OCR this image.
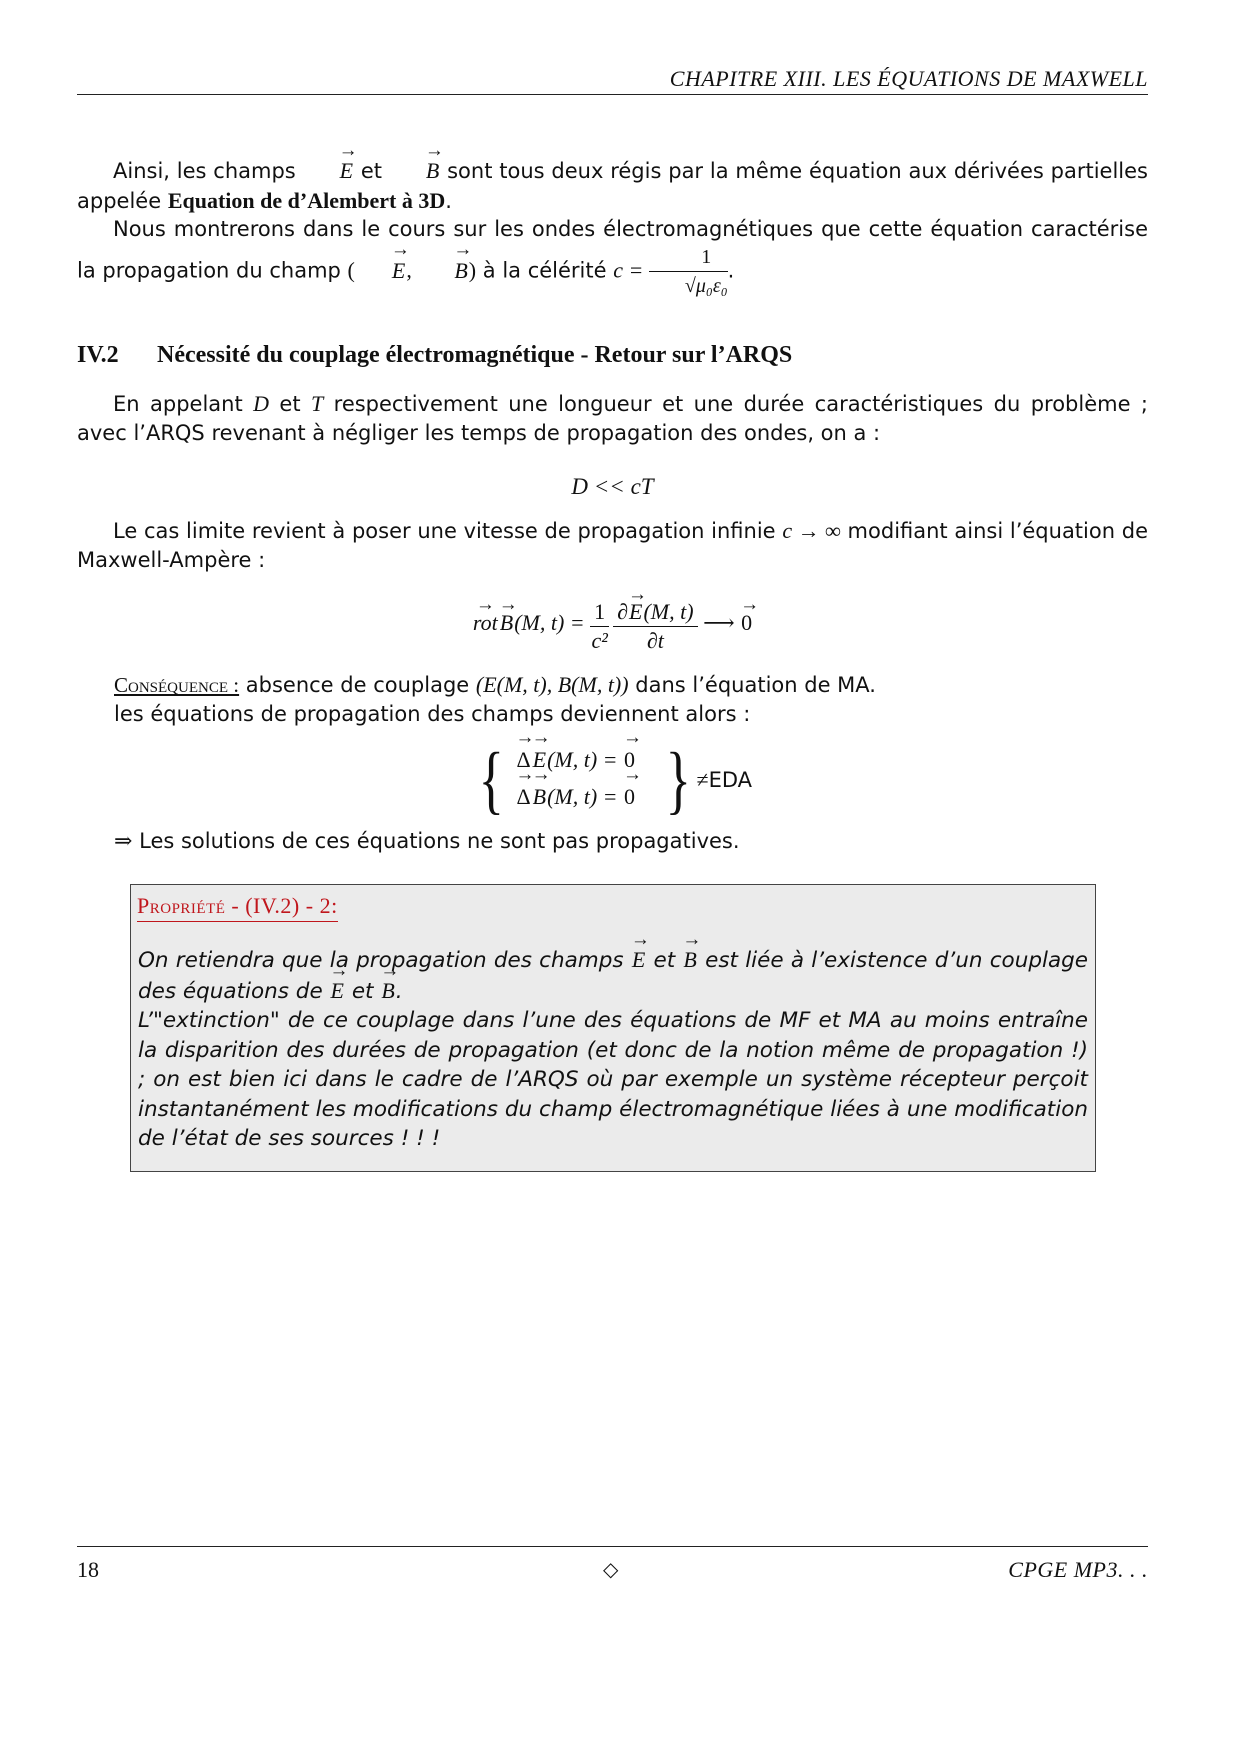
CHAPITRE XIII. LES ÉQUATIONS DE MAXWELL
Ainsi, les champs → E et → B sont tous deux régis par la même équation aux dérivées partielles appelée Equation de d’Alembert à 3D.
Nous montrerons dans le cours sur les ondes électromagnétiques que cette équation caractérise la propagation du champ ( → E, → B) à la célérité $c = \frac{1}{\text{√μ₀ε₀}}$ .
IV.2 Nécessité du couplage électromagnétique - Retour sur l’ARQS
En appelant D et T respectivement une longueur et une durée caractéristiques du problème ; avec l’ARQS revenant à négliger les temps de propagation des ondes, on a :
D << cT
Le cas limite revient à poser une vitesse de propagation infinie c → ∞ modifiant ainsi l’équation de Maxwell-Ampère :
→ rot→ B(M, $t) = \frac{1}{\text{c²}}$
$\frac{\partial\to E(M, t)}{\partial t}$ ⟶ → 0
Conséquence : absence de couplage (E(M, t), B(M, t)) dans l’équation de MA.
les équations de propagation des champs deviennent alors :
{ → Δ→ E(M, t) = → 0
→ Δ→ B(M, t) = → 0 } ≠ EDA
⇒ Les solutions de ces équations ne sont pas propagatives.
Propriété - (IV.2) - 2:
On retiendra que la propagation des champs → E et → B est liée à l’existence d’un couplage des équations de → E et → B.
L’"extinction" de ce couplage dans l’une des équations de MF et MA au moins entraîne la disparition des durées de propagation (et donc de la notion même de propagation !) ; on est bien ici dans le cadre de l’ARQS où par exemple un système récepteur perçoit instantanément les modifications du champ électromagnétique liées à une modification de l’état de ses sources ! ! !
18	◇	CPGE MP3. . .
